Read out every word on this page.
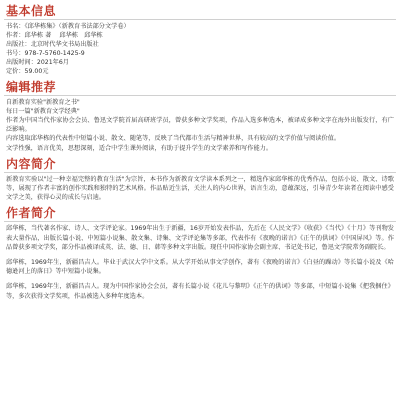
基本信息
书名：《邱华栋集》（新教育书法部分文学卷）
作者：邱华栋 著　 邱华栋　邱华栋
出版社：北京时代华文书局出版社
书号：978-7-5760-1425-9
出版时间：2021年6月
定价：59.00元
编辑推荐
自新教育实验"新教育之书"
每日一篇"新教育文学经典"
作者为中国当代作家协会会员、鲁迅文学院首届高研班学员，曾获多种文学奖项，作品入选多种选本，被译成多种文字在海外出版发行，有广泛影响。
内容选取邱华栋的代表性中短篇小说、散文、随笔等，反映了当代都市生活与精神世界，具有较高的文学价值与阅读价值。
文学性强，语言优美，思想深刻，适合中学生课外阅读，有助于提升学生的文学素养和写作能力。
内容简介
新教育实验以"过一种幸福完整的教育生活"为宗旨，本书作为新教育文学读本系列之一，精选作家邱华栋的优秀作品，包括小说、散文、诗歌等，展现了作者丰富的创作实践和独特的艺术风格。作品贴近生活，关注人的内心世界，语言生动，意蕴深远，引导青少年读者在阅读中感受文学之美，获得心灵的成长与启迪。
作者简介
邱华栋，当代著名作家、诗人、文学评论家。1969年出生于新疆，16岁开始发表作品，先后在《人民文学》《收获》《当代》《十月》等刊物发表大量作品，出版长篇小说、中短篇小说集、散文集、诗集、文学评论集等多部，代表作有《夜晚的诺言》《正午的供词》《中国屏风》等。作品曾获多项文学奖，部分作品被译成英、法、德、日、韩等多种文字出版。现任中国作家协会副主席、书记处书记，鲁迅文学院常务副院长。
邱华栋，1969年生，新疆昌吉人。毕业于武汉大学中文系。从大学开始从事文学创作，著有《夜晚的诺言》《白昼的躁动》等长篇小说及《哈德逊河上的落日》等中短篇小说集。
邱华栋，1969年生，新疆昌吉人。现为中国作家协会会员，著有长篇小说《花儿与黎明》《正午的供词》等多部，中短篇小说集《把我捆住》等，多次获得文学奖项，作品被选入多种年度选本。
